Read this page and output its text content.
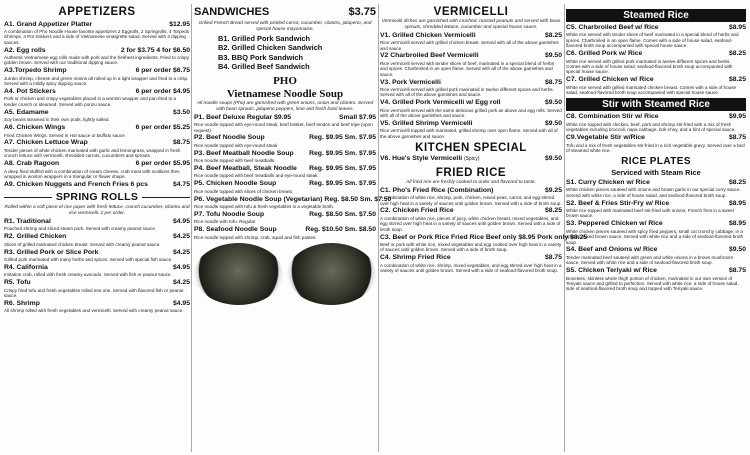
APPETIZERS
A1. Grand Appetizer Platter	$12.95
A combination of Pho Noodle House favorite appetizers 2 Eggrolls, 2 Springrolls, 4 Torpedo Shrimps, 4 Pot Stickers and a side of Vietnamese vinaigrette salad. Served with 3 dipping sauces.
A2. Egg rolls	2 for $3.75 4 for $6.50
Authentic Vietnamese egg rolls made with pork and the freshest ingredients. Fried to crispy golden brown. Served with our traditional dipping sauce.
A3.Torpedo Shrimp	6 per order $6.75
Jumbo shrimp, cheese and green onions all rolled up in a light wrapper and fried to a crisp. Served with a mildly spicy dipping sauce.
A4. Pot Stickers	6 per order $4.95
Pork or chicken and crispy vegetables placed in a wonton wrapper and pan-fried to a tender crunch or steamed. Served with ponzu sauce.
A5. Edamame	$3.50
Soy beans steamed in their own pods, lightly salted.
A6. Chicken Wings	6 per order $5.25
Fried Chicken Wings. Served in Hot sauce or Buffalo sauce.
A7. Chicken Lettuce Wrap	$8.75
Tender pieces of white chicken marinated with garlic and lemongrass, wrapped in fresh crunch lettuce with vermicelli, shredded carrots, cucumbers and sprouts.
A8. Crab Ragoon	6 per order $5.95
A deep fried stuffed with a combination of cream cheese, crab meat with scallions then wrapped in wonton wrappers in a triangular or flower shape.
A9. Chicken Nuggets and French Fries 6 pcs	$4.75
SPRING ROLLS
Rolled within a soft piece of rice paper with fresh lettuce, crunch cucumber, cilantro and rice vermicelli. 2 per order.
R1. Traditional	$4.95
Poached shrimp and sliced steam pork. Served with creamy peanut sauce.
R2. Grilled Chicken	$4.25
Slices of grilled marinated chicken breast. Served with creamy peanut sauce.
R3. Grilled Pork or Slice Pork	$4.25
Grilled pork marinated with many herbs and spices. Served with special fish sauce.
R4. California	$4.95
Imitation crab, rolled with fresh creamy avocado. Served with fish or peanut sauce.
R5. Tofu	$4.25
Crispy fried tofu and fresh vegetables rolled into one. Served with flavored fish or peanut sauce.
R6. Shrimp	$4.95
All shrimp rolled with fresh vegetables and vermicelli. Served with creamy peanut sauce.
SANDWICHES	$3.75
Grilled French Bread served with pickled carrot, cucumber, cilantro, jalapeno, and special house mayonnaise.
B1. Grilled Pork Sandwich
B2. Grilled Chicken Sandwich
B3. BBQ Pork Sandwich
B4. Grilled Beef Sandwich
PHO
Vietnamese Noodle Soup
All noodle soups (Pho) are garnished with green onions, onion and cilantro. Served with bean sprouts, jalapeno peppers, lime and fresh basil leaves.
P1. Beef Deluxe Regular $9.95	Small $7.95
Rice noodle topped with eye-round steak, beef brisket, beef tendon and beef tripe (upon request).
P2. Beef Noodle Soup	Reg. $9.95 Sm. $7.95
Rice noodle topped with eye-round steak
P3. Beef Meatball Noodle Soup Reg. $9.95 Sm. $7.95
Rice noodle topped with beef meatballs.
P4. Beef Meatball, Steak Noodle Reg. $9.95 Sm. $7.95
Rice noodle topped with beef meatballs and eye-round steak.
P5. Chicken Noodle Soup	Reg. $9.95 Sm. $7.95
Rice noodle topped with slices of chicken breast.
P6. Vegetable Noodle Soup (Vegetarian) Reg. $8.50 Sm. $7.50
Rice noodle topped with tofu & fresh vegetables in a vegetable broth.
P7. Tofu Noodle Soup	Reg. $8.50 Sm. $7.50
Rice noodle with tofu. Regular
P8. Seafood Noodle Soup	Reg. $10.50 Sm. $8.50
Rice noodle topped with shrimp, crab, squid and fish pastes.
VERMICELLI
Vermicelli dishes are garnished with crushed, roasted peanuts and served with bean sprouts, shredded lettuce, cucumber and special house sauce.
V1. Grilled Chicken Vermicelli	$8.25
Rice vermicelli served with grilled chicken breast. Served with all of the above garnishes and sauce.
V2 Charbroiled Beef Vermicelli	$9.50
Rice vermicelli served with tender slices of beef, marinated in a special blend of herbs and spices. Charbroiled in an open flame. Served with all of the above garnishes and sauce.
V3. Pork Vermicelli	$8.75
Rice vermicelli served with grilled pork marinated in twelve different spices and herbs. Served with all of the above garnishes and sauce.
V4. Grilled Pork Vermicelli w/ Egg roll	$9.50
Rice vermicelli served with the same delicious grilled pork as above and egg rolls. Served with all of the above garnishes and sauce.
V5. Grilled Shrimp Vermicelli	$9.50
Rice vermicelli topped with marinated, grilled shrimp over open flame. Served with all of the above garnishes and sauce.
KITCHEN SPECIAL
V6. Hue's Style Vermicelli (Spicy)	$9.50
FRIED RICE
All fried rice are freshly cooked to order and flavored to taste.
C1. Pho's Fried Rice (Combination)	$9.25
A combination of white rice, shrimp, pork, chicken, mixed peas, carrot, and egg stirred over high heat in a variety of sauces until golden brown. Served with a side of broth soup.
C2. Chicken Fried Rice	$8.25
A combination of white rice, pieces of juicy, white chicken breast, mixed vegetables, and egg stirred over high heat in a variety of sauces until golden brown. Served with a side of broth soup.
C3. Beef or Pork Rice Fried Rice Beef only $8.95 Pork only $8.25
Beef or pork with white rice, mixed vegetables and egg cooked over high heat in a variety of sauces until golden brown. Served with a side of broth soup.
C4. Shrimp Fried Rice	$8.75
A combination of white rice, shrimp, mixed vegetables, and egg stirred over high heat in a variety of sauces until golden brown. Served with a side of seafood-flavored broth soup.
Steamed Rice
C5. Charbroiled Beef w/ Rice	$8.95
White rice served with tender slices of beef marinated in a special blend of herbs and spices. Charbroiled in an open flame. Comes with a side of house salad, seafood-flavored broth soup accompanied with special house sauce.
C6. Grilled Pork w/ Rice	$8.25
White rice served with grilled pork marinated in twelve different spices and herbs. Comes with a side of house salad, seafood-flavored broth soup accompanied with special house sauce.
C7. Grilled Chicken w/ Rice	$8.25
White rice served with grilled marinated chicken breast. Comes with a side of house salad, seafood-flavored broth soup accompanied with special house sauce.
Stir with Steamed Rice
C8. Combination Stir w/ Rice	$9.95
White rice topped with chicken, beef, pork and shrimp stir-fried with a mix of fresh vegetables including broccoli, napa cabbage, bok-choy, and a hint of special sauce.
C9.Vegetable Stir w/Rice	$8.75
Tofu and a mix of fresh vegetables stir-fried in a rich vegetable gravy. Served over a bed of steamed white rice.
RICE PLATES
Serviced with Steam Rice
S1. Curry Chicken w/ Rice	$8.25
White chicken pieces sauteed with onions and brown garlic in our special curry sauce. Served with white rice, a side of house salad, and seafood-flavored broth soup.
S2. Beef & Fries Stir-Fry w/ Rice	$8.95
White rice topped with marinated beef stir-fried with onions, French fries in a sweet brown sauce.
S3. Peppered Chicken w/ Rice	$8.95
White chicken pieces sauteed with spicy fried peppers, small cut crunchy cabbage, in a special mixed brown sauce. Served with white rice and a side of seafood-flavored broth soup.
S4. Beef and Onions w/ Rice	$9.50
Tender marinated beef sauteed with green and white onions in a brown mushroom sauce. Served with white rice and a side of seafood-flavored broth soup.
S5. Chicken Teriyaki w/ Rice	$8.75
Boneless, skinless whole thigh portion of chicken, marinated in our own version of Teriyaki sauce and grilled to perfection. Served with white rice, a side of house salad, side of seafood-flavored broth soup and topped with Teriyaki sauce.
